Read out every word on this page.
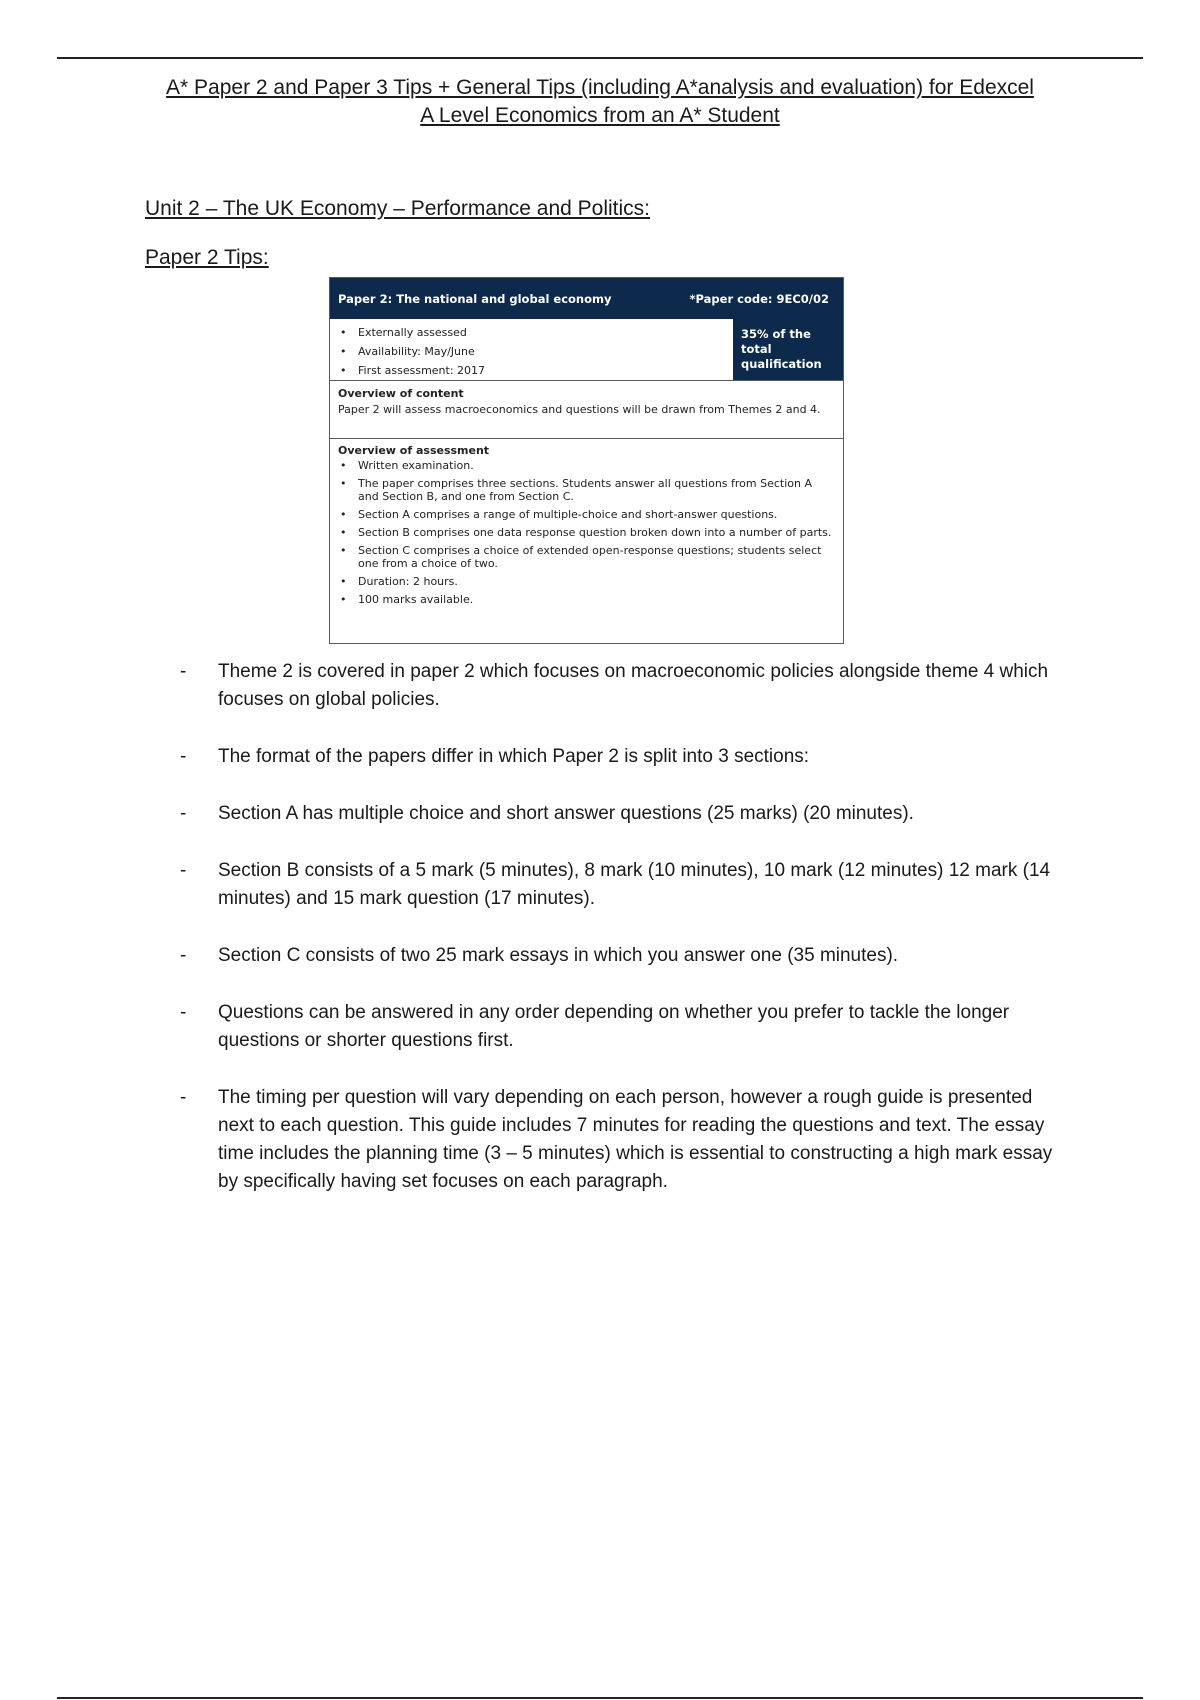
A* Paper 2 and Paper 3 Tips + General Tips (including A*analysis and evaluation) for Edexcel
A Level Economics from an A* Student
Unit 2 – The UK Economy – Performance and Politics:
Paper 2 Tips:
Paper 2: The national and global economy	*Paper code: 9EC0/02
• Externally assessed
• Availability: May/June
• First assessment: 2017
35% of the total qualification
Overview of content
Paper 2 will assess macroeconomics and questions will be drawn from Themes 2 and 4.
Overview of assessment
• Written examination.
• The paper comprises three sections. Students answer all questions from Section A and Section B, and one from Section C.
• Section A comprises a range of multiple-choice and short-answer questions.
• Section B comprises one data response question broken down into a number of parts.
• Section C comprises a choice of extended open-response questions; students select one from a choice of two.
• Duration: 2 hours.
• 100 marks available.
-	Theme 2 is covered in paper 2 which focuses on macroeconomic policies alongside theme 4 which focuses on global policies.
-	The format of the papers differ in which Paper 2 is split into 3 sections:
-	Section A has multiple choice and short answer questions (25 marks) (20 minutes).
-	Section B consists of a 5 mark (5 minutes), 8 mark (10 minutes), 10 mark (12 minutes) 12 mark (14 minutes) and 15 mark question (17 minutes).
-	Section C consists of two 25 mark essays in which you answer one (35 minutes).
-	Questions can be answered in any order depending on whether you prefer to tackle the longer questions or shorter questions first.
-	The timing per question will vary depending on each person, however a rough guide is presented next to each question. This guide includes 7 minutes for reading the questions and text. The essay time includes the planning time (3 – 5 minutes) which is essential to constructing a high mark essay by specifically having set focuses on each paragraph.
